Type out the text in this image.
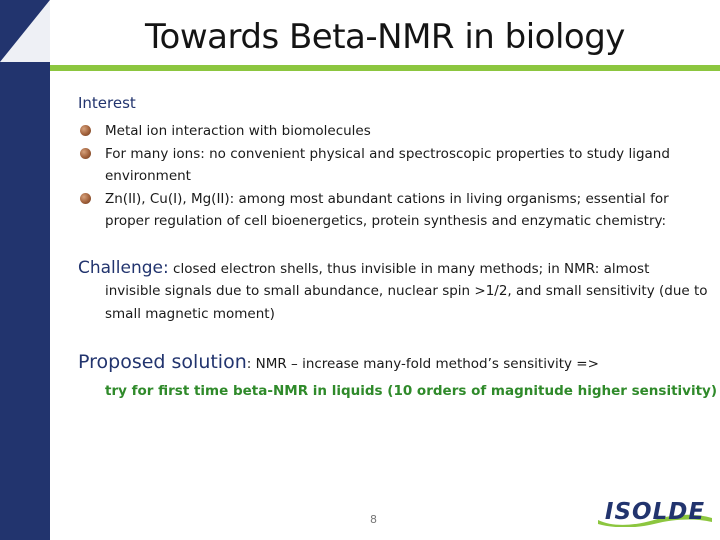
Towards Beta-NMR in biology

Interest

Metal ion interaction with biomolecules
For many ions: no convenient physical and spectroscopic properties to study ligand environment
Zn(II), Cu(I), Mg(II): among most abundant cations in living organisms; essential for proper regulation of cell bioenergetics, protein synthesis and enzymatic chemistry:
Challenge: closed electron shells, thus invisible in many methods; in NMR: almost
invisible signals due to small abundance, nuclear spin >1/2, and small sensitivity (due to small magnetic moment)
Proposed solution: NMR – increase many-fold method’s sensitivity =>
try for first time beta-NMR in liquids (10 orders of magnitude higher sensitivity)
8	ISOLDE
